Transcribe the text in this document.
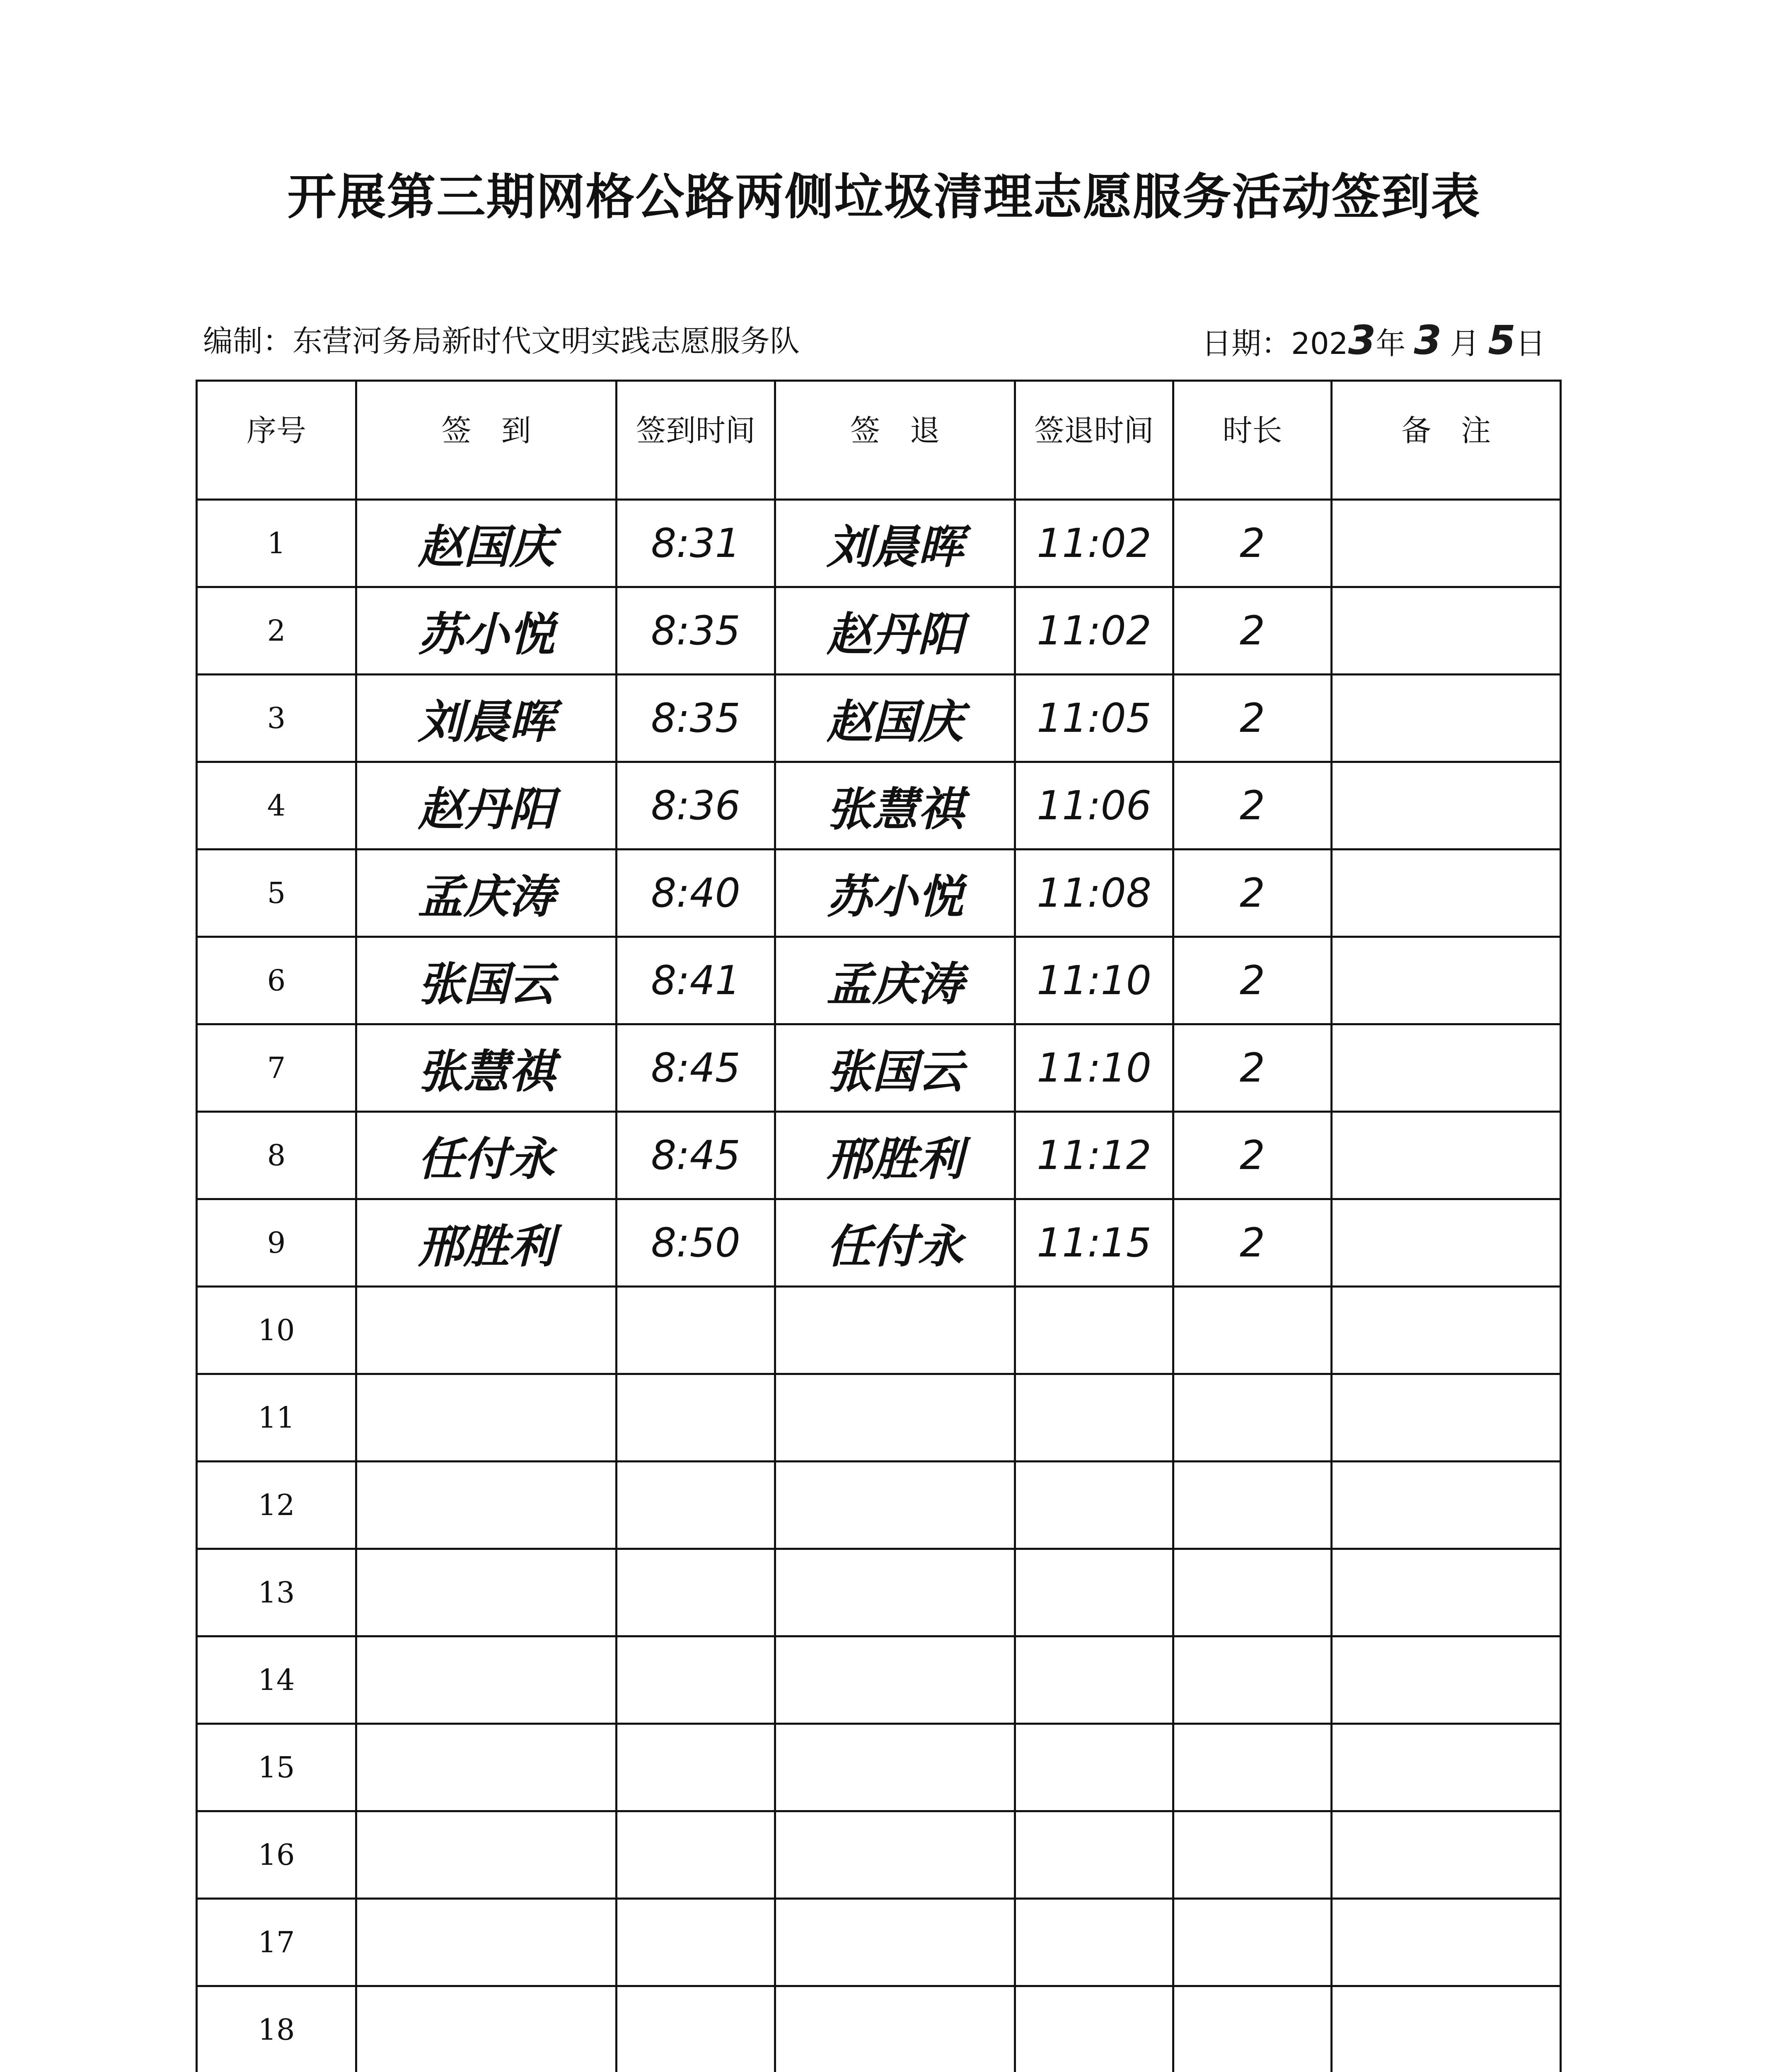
开展第三期网格公路两侧垃圾清理志愿服务活动签到表
编制：东营河务局新时代文明实践志愿服务队	日期：2023年 3 月 5日
序号	签　到	签到时间	签　退	签退时间	时长	备　注
1	赵国庆	8:31	刘晨晖	11:02	2	
2	苏小悦	8:35	赵丹阳	11:02	2	
3	刘晨晖	8:35	赵国庆	11:05	2	
4	赵丹阳	8:36	张慧祺	11:06	2	
5	孟庆涛	8:40	苏小悦	11:08	2	
6	张国云	8:41	孟庆涛	11:10	2	
7	张慧祺	8:45	张国云	11:10	2	
8	任付永	8:45	邢胜利	11:12	2	
9	邢胜利	8:50	任付永	11:15	2	
10						
11						
12						
13						
14						
15						
16						
17						
18						
